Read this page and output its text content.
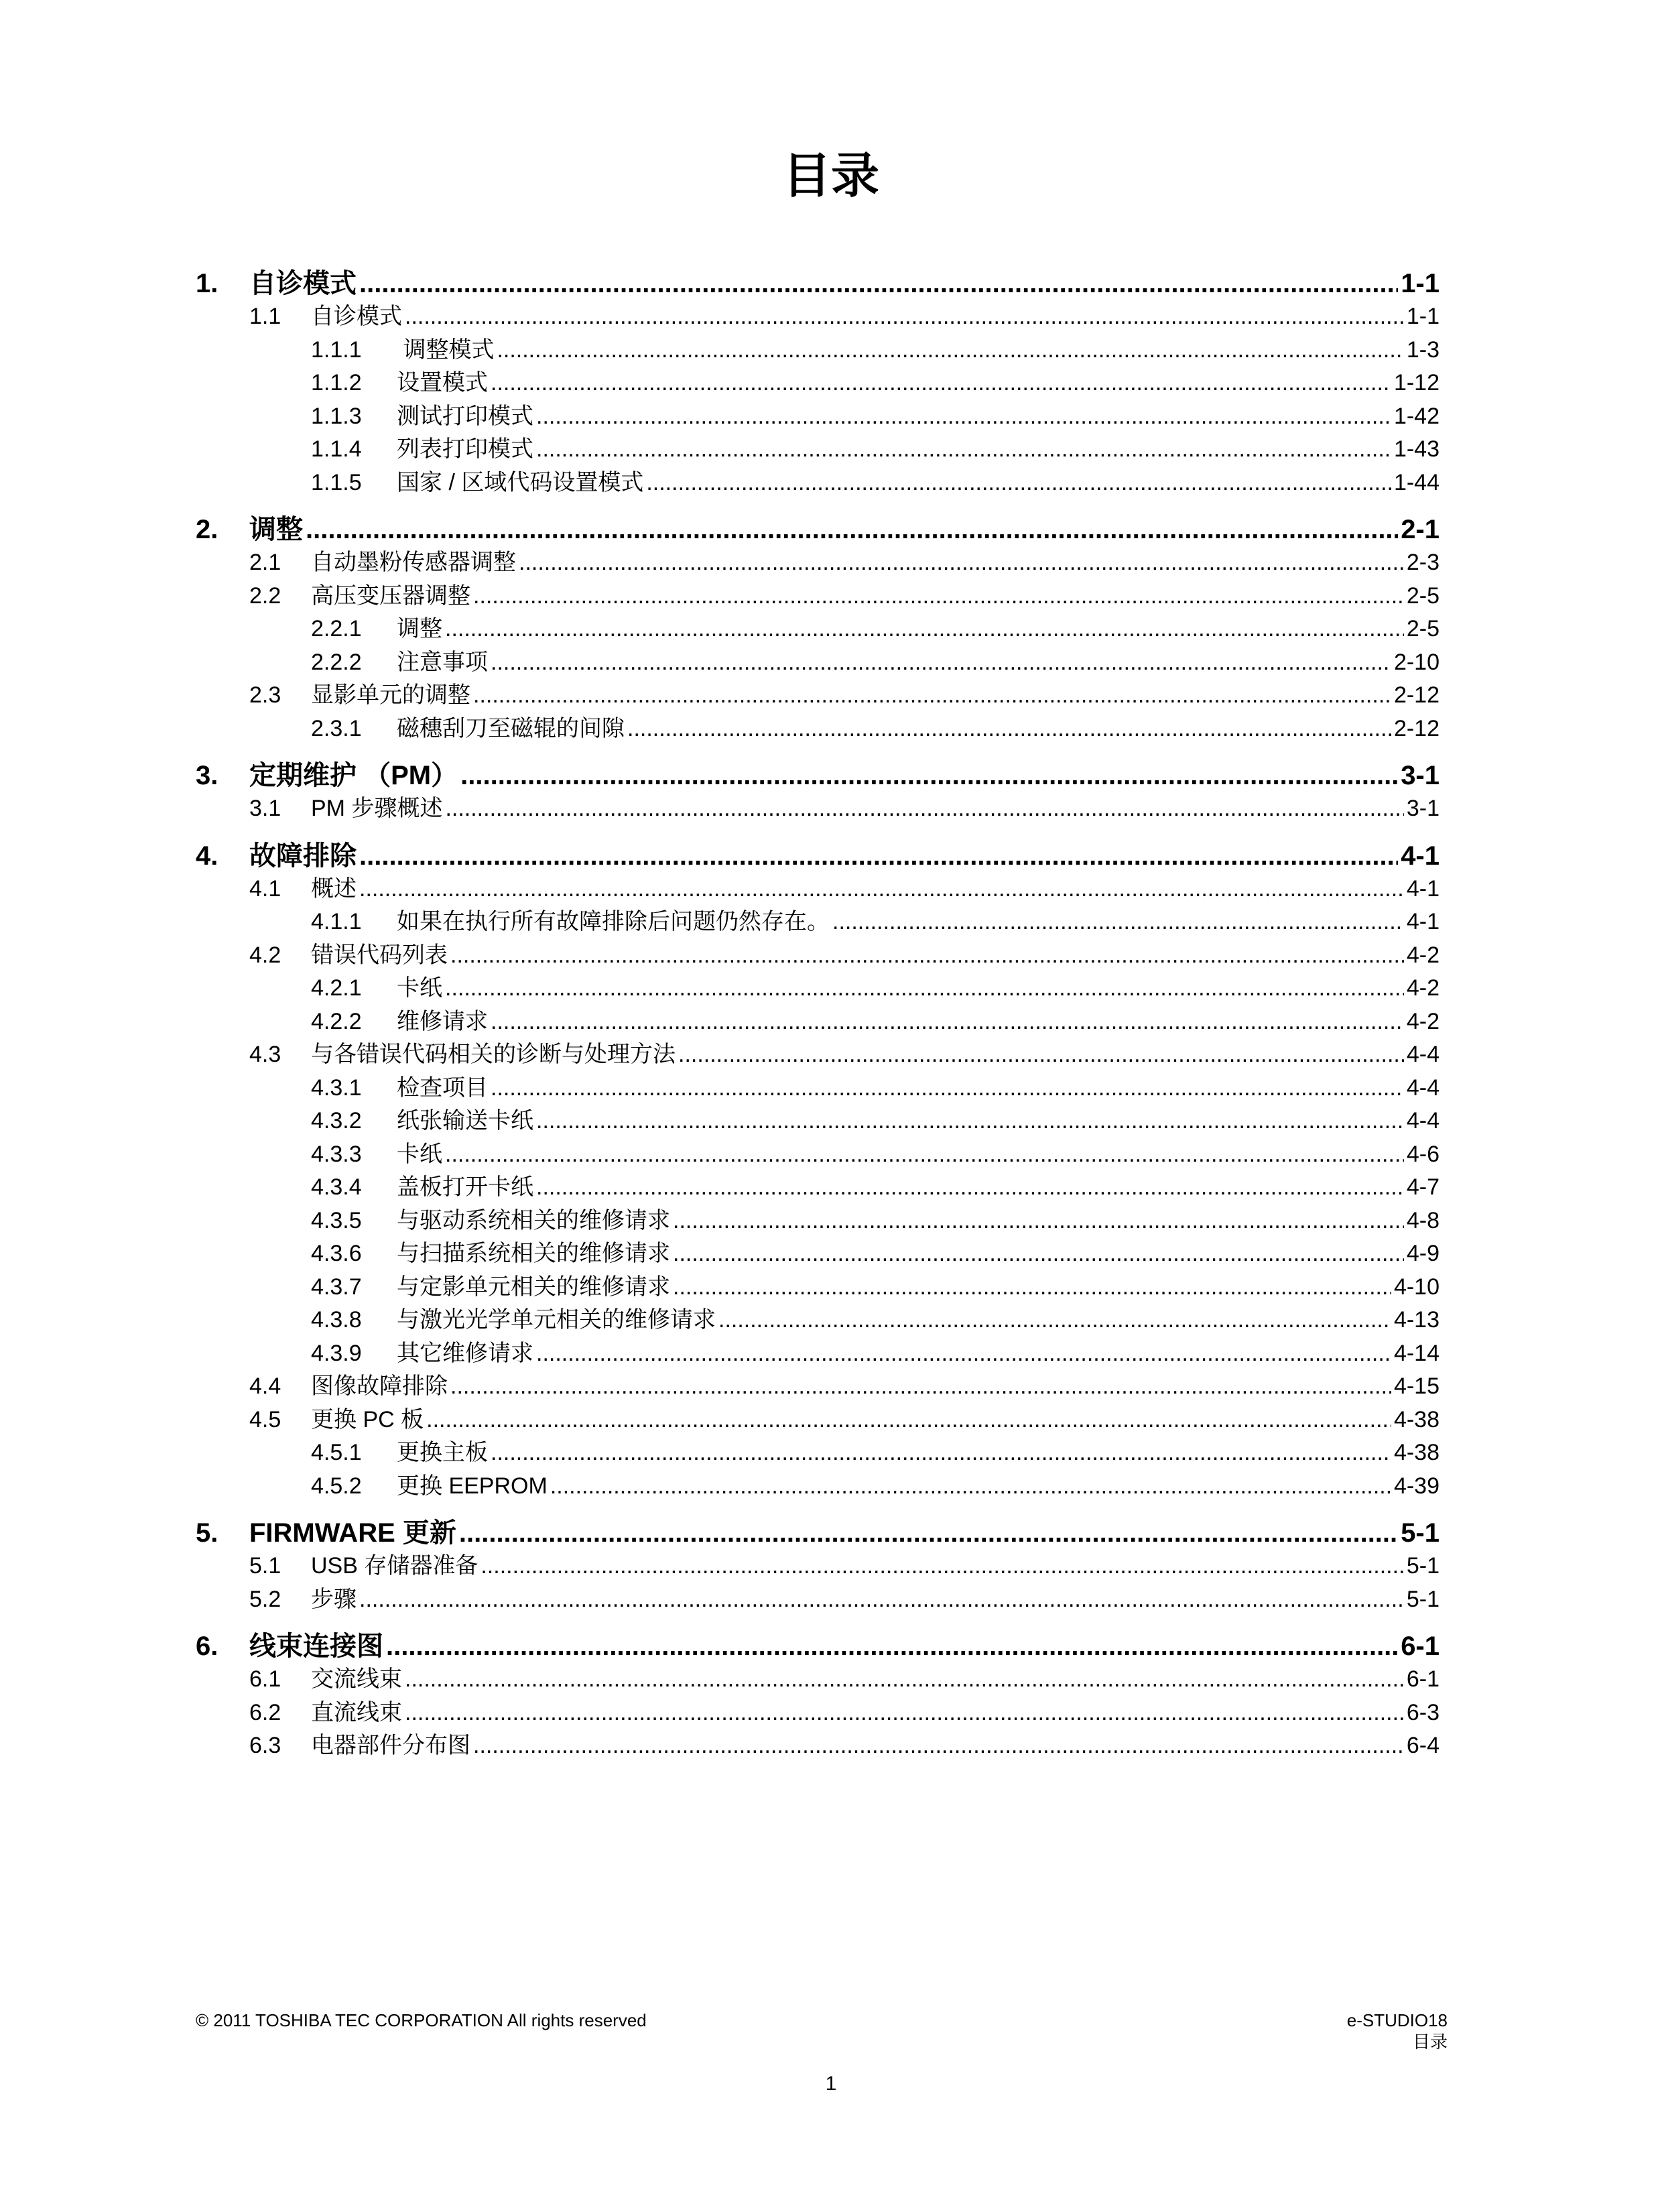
目录
1.	自诊模式 .....	1-1
1.1	自诊模式 .....	1-1
1.1.1	调整模式 .....	1-3
1.1.2	设置模式 .....	1-12
1.1.3	测试打印模式 .....	1-42
1.1.4	列表打印模式 .....	1-43
1.1.5	国家 / 区域代码设置模式 .....	1-44
2.	调整 .....	2-1
2.1	自动墨粉传感器调整 .....	2-3
2.2	高压变压器调整 .....	2-5
2.2.1	调整 .....	2-5
2.2.2	注意事项 .....	2-10
2.3	显影单元的调整 .....	2-12
2.3.1	磁穗刮刀至磁辊的间隙 .....	2-12
3.	定期维护 （PM） .....	3-1
3.1	PM 步骤概述 .....	3-1
4.	故障排除 .....	4-1
4.1	概述 .....	4-1
4.1.1	如果在执行所有故障排除后问题仍然存在。 .....	4-1
4.2	错误代码列表 .....	4-2
4.2.1	卡纸 .....	4-2
4.2.2	维修请求 .....	4-2
4.3	与各错误代码相关的诊断与处理方法 .....	4-4
4.3.1	检查项目 .....	4-4
4.3.2	纸张输送卡纸 .....	4-4
4.3.3	卡纸 .....	4-6
4.3.4	盖板打开卡纸 .....	4-7
4.3.5	与驱动系统相关的维修请求 .....	4-8
4.3.6	与扫描系统相关的维修请求 .....	4-9
4.3.7	与定影单元相关的维修请求 .....	4-10
4.3.8	与激光光学单元相关的维修请求 .....	4-13
4.3.9	其它维修请求 .....	4-14
4.4	图像故障排除 .....	4-15
4.5	更换 PC 板 .....	4-38
4.5.1	更换主板 .....	4-38
4.5.2	更换 EEPROM .....	4-39
5.	FIRMWARE 更新 .....	5-1
5.1	USB 存储器准备 .....	5-1
5.2	步骤 .....	5-1
6.	线束连接图 .....	6-1
6.1	交流线束 .....	6-1
6.2	直流线束 .....	6-3
6.3	电器部件分布图 .....	6-4
© 2011 TOSHIBA TEC CORPORATION All rights reserved	e-STUDIO18
目录
1
